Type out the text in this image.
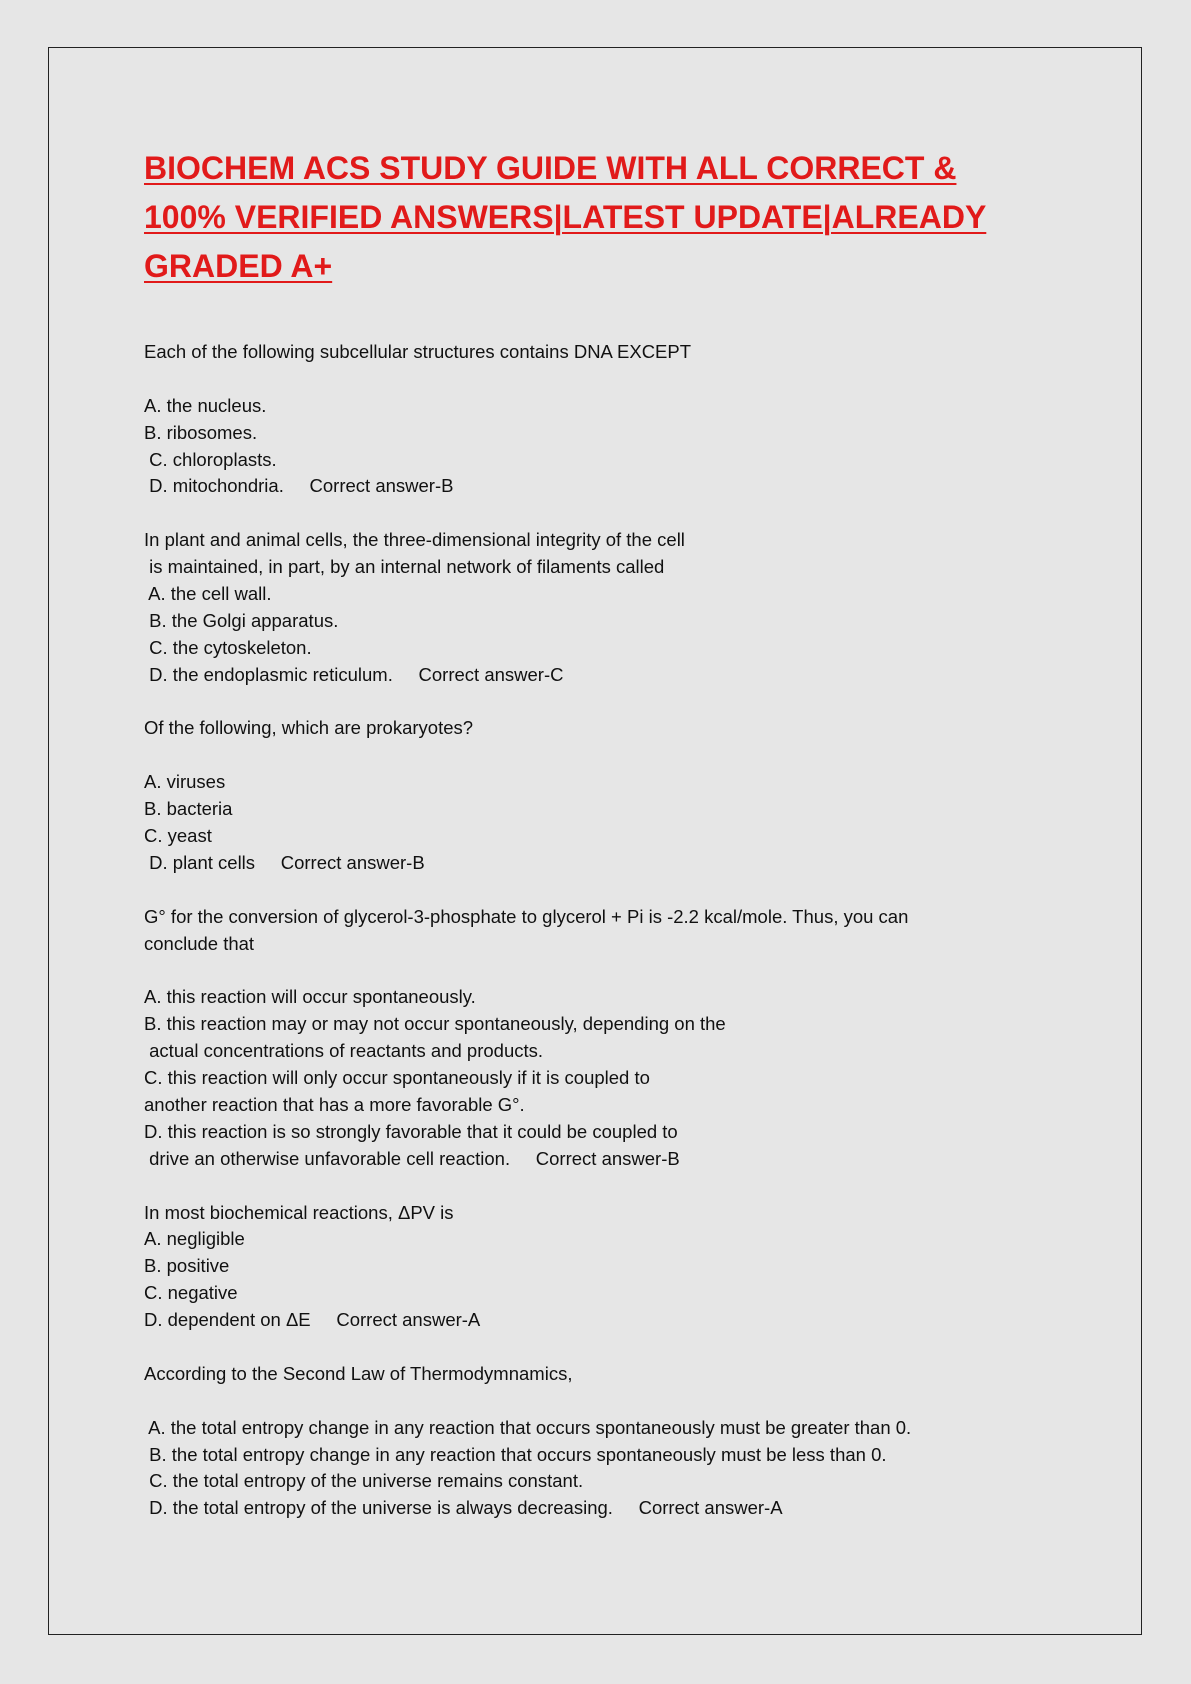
BIOCHEM ACS STUDY GUIDE WITH ALL CORRECT & 100% VERIFIED ANSWERS|LATEST UPDATE|ALREADY GRADED A+
Each of the following subcellular structures contains DNA EXCEPT
A. the nucleus.
B. ribosomes.
C. chloroplasts.
D. mitochondria.     Correct answer-B
In plant and animal cells, the three-dimensional integrity of the cell
is maintained, in part, by an internal network of filaments called
A. the cell wall.
B. the Golgi apparatus.
C. the cytoskeleton.
D. the endoplasmic reticulum.     Correct answer-C
Of the following, which are prokaryotes?
A. viruses
B. bacteria
C. yeast
D. plant cells     Correct answer-B
G° for the conversion of glycerol-3-phosphate to glycerol + Pi is -2.2 kcal/mole. Thus, you can
conclude that
A. this reaction will occur spontaneously.
B. this reaction may or may not occur spontaneously, depending on the
actual concentrations of reactants and products.
C. this reaction will only occur spontaneously if it is coupled to
another reaction that has a more favorable G°.
D. this reaction is so strongly favorable that it could be coupled to
drive an otherwise unfavorable cell reaction.     Correct answer-B
In most biochemical reactions, ΔPV is
A. negligible
B. positive
C. negative
D. dependent on ΔE     Correct answer-A
According to the Second Law of Thermodymnamics,
A. the total entropy change in any reaction that occurs spontaneously must be greater than 0.
B. the total entropy change in any reaction that occurs spontaneously must be less than 0.
C. the total entropy of the universe remains constant.
D. the total entropy of the universe is always decreasing.     Correct answer-A
